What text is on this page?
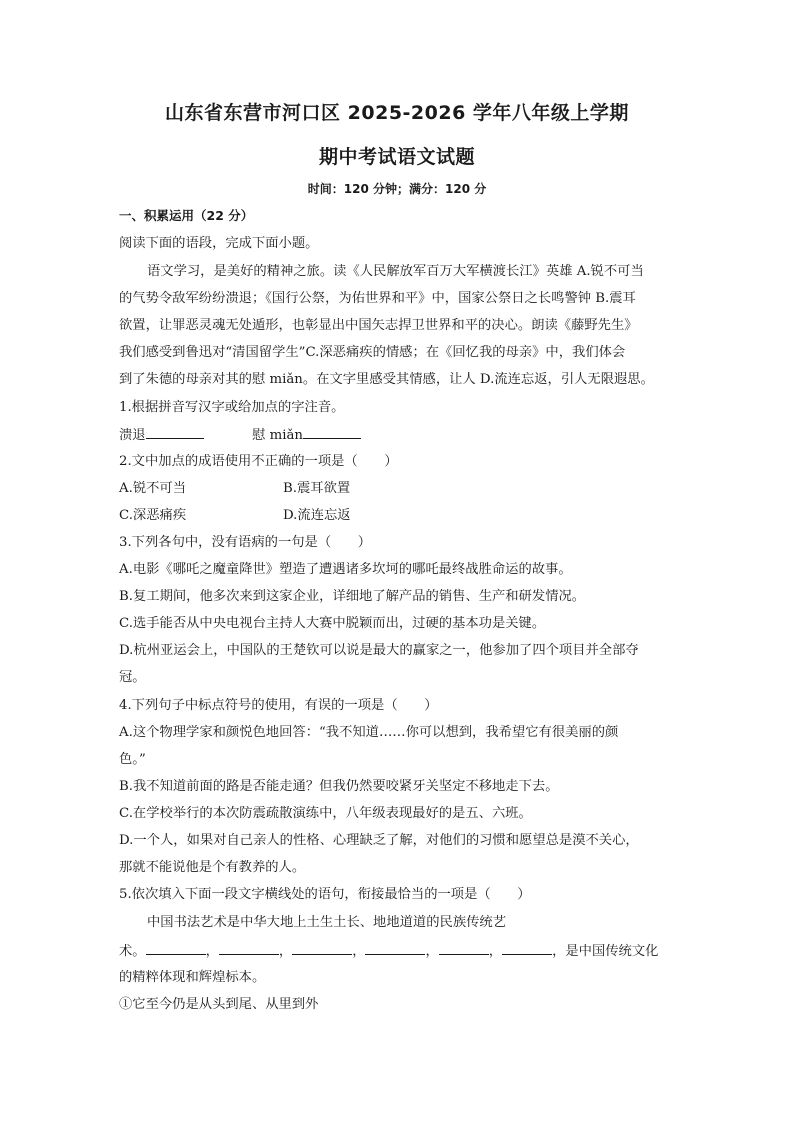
山东省东营市河口区 2025-2026 学年八年级上学期
期中考试语文试题
时间：120 分钟；满分：120 分
一、积累运用（22 分）
阅读下面的语段，完成下面小题。
语文学习，是美好的精神之旅。读《人民解放军百万大军横渡长江》英雄 A.锐不可当
的气势令敌军纷纷溃退；《国行公祭，为佑世界和平》中，国家公祭日之长鸣警钟 B.震耳
欲置，让罪恶灵魂无处遁形，也彰显出中国矢志捍卫世界和平的决心。朗读《藤野先生》
我们感受到鲁迅对“清国留学生”C.深恶痛疾的情感；在《回忆我的母亲》中，我们体会
到了朱德的母亲对其的慰 miǎn。在文字里感受其情感，让人 D.流连忘返，引人无限遐思。
1.根据拼音写汉字或给加点的字注音。
溃退	慰 miǎn
2.文中加点的成语使用不正确的一项是（　　）
A.锐不可当	B.震耳欲置
C.深恶痛疾	D.流连忘返
3.下列各句中，没有语病的一句是（　　）
A.电影《哪吒之魔童降世》塑造了遭遇诸多坎坷的哪吒最终战胜命运的故事。
B.复工期间，他多次来到这家企业，详细地了解产品的销售、生产和研发情况。
C.选手能否从中央电视台主持人大赛中脱颖而出，过硬的基本功是关键。
D.杭州亚运会上，中国队的王楚钦可以说是最大的赢家之一，他参加了四个项目并全部夺
冠。
4.下列句子中标点符号的使用，有误的一项是（　　）
A.这个物理学家和颜悦色地回答：“我不知道……你可以想到，我希望它有很美丽的颜
色。”
B.我不知道前面的路是否能走通？但我仍然要咬紧牙关坚定不移地走下去。
C.在学校举行的本次防震疏散演练中，八年级表现最好的是五、六班。
D.一个人，如果对自己亲人的性格、心理缺乏了解，对他们的习惯和愿望总是漠不关心，
那就不能说他是个有教养的人。
5.依次填入下面一段文字横线处的语句，衔接最恰当的一项是（　　）
中国书法艺术是中华大地上土生土长、地地道道的民族传统艺
术。	，	，	，	，	，	，是中国传统文化
的精粹体现和辉煌标本。
①它至今仍是从头到尾、从里到外
